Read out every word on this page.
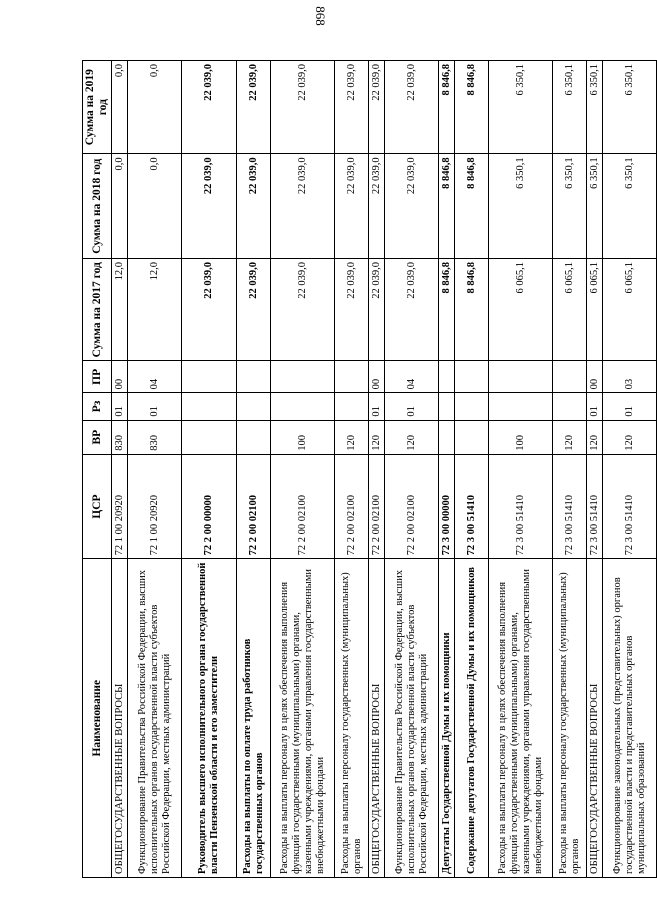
868
Наименование	ЦСР	ВР	Рз	ПР	Сумма на 2017 год	Сумма на 2018 год	Сумма на 2019 год
ОБЩЕГОСУДАРСТВЕННЫЕ ВОПРОСЫ	72 1 00 20920	830	01	00	12,0	0,0	0,0
Функционирование Правительства Российской Федерации, высших исполнительных органов государственной власти субъектов Российской Федерации, местных администраций	72 1 00 20920	830	01	04	12,0	0,0	0,0
Руководитель высшего исполнительного органа государственной власти Пензенской области и его заместители	72 2 00 00000				22 039,0	22 039,0	22 039,0
Расходы на выплаты по оплате труда работников государственных органов	72 2 00 02100				22 039,0	22 039,0	22 039,0
Расходы на выплаты персоналу в целях обеспечения выполнения функций государственными (муниципальными) органами, казенными учреждениями, органами управления государственными внебюджетными фондами	72 2 00 02100	100			22 039,0	22 039,0	22 039,0
Расходы на выплаты персоналу государственных (муниципальных) органов	72 2 00 02100	120			22 039,0	22 039,0	22 039,0
ОБЩЕГОСУДАРСТВЕННЫЕ ВОПРОСЫ	72 2 00 02100	120	01	00	22 039,0	22 039,0	22 039,0
Функционирование Правительства Российской Федерации, высших исполнительных органов государственной власти субъектов Российской Федерации, местных администраций	72 2 00 02100	120	01	04	22 039,0	22 039,0	22 039,0
Депутаты Государственной Думы и их помощники	72 3 00 00000				8 846,8	8 846,8	8 846,8
Содержание депутатов Государственной Думы и их помощников	72 3 00 51410				8 846,8	8 846,8	8 846,8
Расходы на выплаты персоналу в целях обеспечения выполнения функций государственными (муниципальными) органами, казенными учреждениями, органами управления государственными внебюджетными фондами	72 3 00 51410	100			6 065,1	6 350,1	6 350,1
Расходы на выплаты персоналу государственных (муниципальных) органов	72 3 00 51410	120			6 065,1	6 350,1	6 350,1
ОБЩЕГОСУДАРСТВЕННЫЕ ВОПРОСЫ	72 3 00 51410	120	01	00	6 065,1	6 350,1	6 350,1
Функционирование законодательных (представительных) органов государственной власти и представительных органов муниципальных образований	72 3 00 51410	120	01	03	6 065,1	6 350,1	6 350,1
